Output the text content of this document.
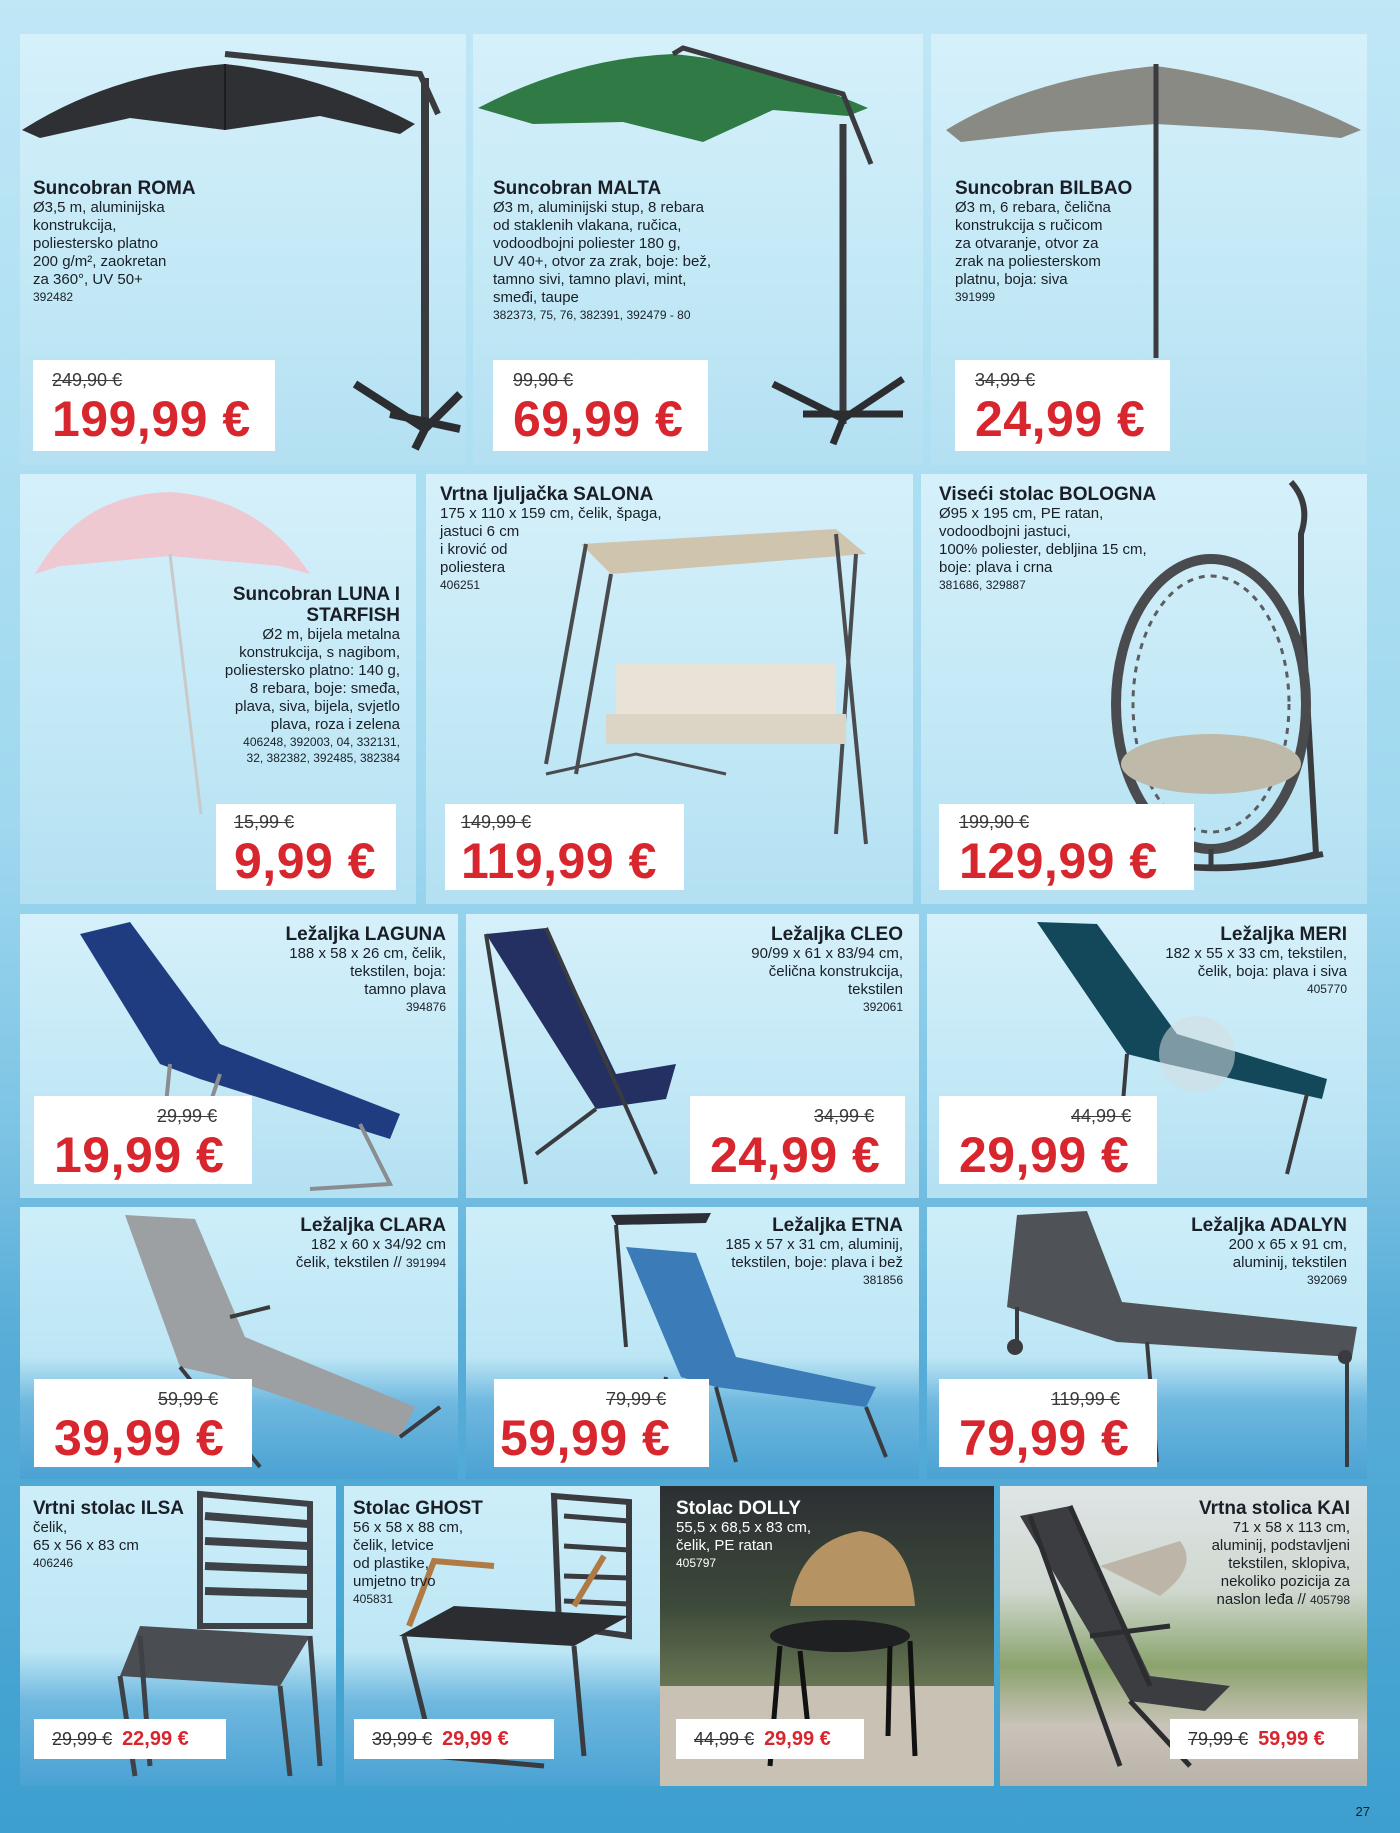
Suncobran ROMA
Ø3,5 m, aluminijska
konstrukcija,
poliestersko platno
200 g/m², zaokretan
za 360°, UV 50+
392482
249,90 €
199,99 €
Suncobran MALTA
Ø3 m, aluminijski stup, 8 rebara
od staklenih vlakana, ručica,
vodoodbojni poliester 180 g,
UV 40+, otvor za zrak, boje: bež,
tamno sivi, tamno plavi, mint,
smeđi, taupe
382373, 75, 76, 382391, 392479 - 80
99,90 €
69,99 €
Suncobran BILBAO
Ø3 m, 6 rebara, čelična
konstrukcija s ručicom
za otvaranje, otvor za
zrak na poliesterskom
platnu, boja: siva
391999
34,99 €
24,99 €
Suncobran LUNA I
STARFISH
Ø2 m, bijela metalna
konstrukcija, s nagibom,
poliestersko platno: 140 g,
8 rebara, boje: smeđa,
plava, siva, bijela, svjetlo
plava, roza i zelena
406248, 392003, 04, 332131,
32, 382382, 392485, 382384
15,99 €
9,99 €
Vrtna ljuljačka SALONA
175 x 110 x 159 cm, čelik, špaga,
jastuci 6 cm
i krović od
poliestera
406251
149,99 €
119,99 €
Viseći stolac BOLOGNA
Ø95 x 195 cm, PE ratan,
vodoodbojni jastuci,
100% poliester, debljina 15 cm,
boje: plava i crna
381686, 329887
199,90 €
129,99 €
Ležaljka LAGUNA
188 x 58 x 26 cm, čelik,
tekstilen, boja:
tamno plava
394876
29,99 €
19,99 €
Ležaljka CLEO
90/99 x 61 x 83/94 cm,
čelična konstrukcija,
tekstilen
392061
34,99 €
24,99 €
Ležaljka MERI
182 x 55 x 33 cm, tekstilen,
čelik, boja: plava i siva
405770
44,99 €
29,99 €
Ležaljka CLARA
182 x 60 x 34/92 cm
čelik, tekstilen // 391994
59,99 €
39,99 €
Ležaljka ETNA
185 x 57 x 31 cm, aluminij,
tekstilen, boje: plava i bež
381856
79,99 €
59,99 €
Ležaljka ADALYN
200 x 65 x 91 cm,
aluminij, tekstilen
392069
119,99 €
79,99 €
Vrtni stolac ILSA
čelik,
65 x 56 x 83 cm
406246
29,99 € 22,99 €
Stolac GHOST
56 x 58 x 88 cm,
čelik, letvice
od plastike,
umjetno trvo
405831
39,99 € 29,99 €
Stolac DOLLY
55,5 x 68,5 x 83 cm,
čelik, PE ratan
405797
44,99 € 29,99 €
Vrtna stolica KAI
71 x 58 x 113 cm,
aluminij, podstavljeni
tekstilen, sklopiva,
nekoliko pozicija za
naslon leđa // 405798
79,99 € 59,99 €
27
